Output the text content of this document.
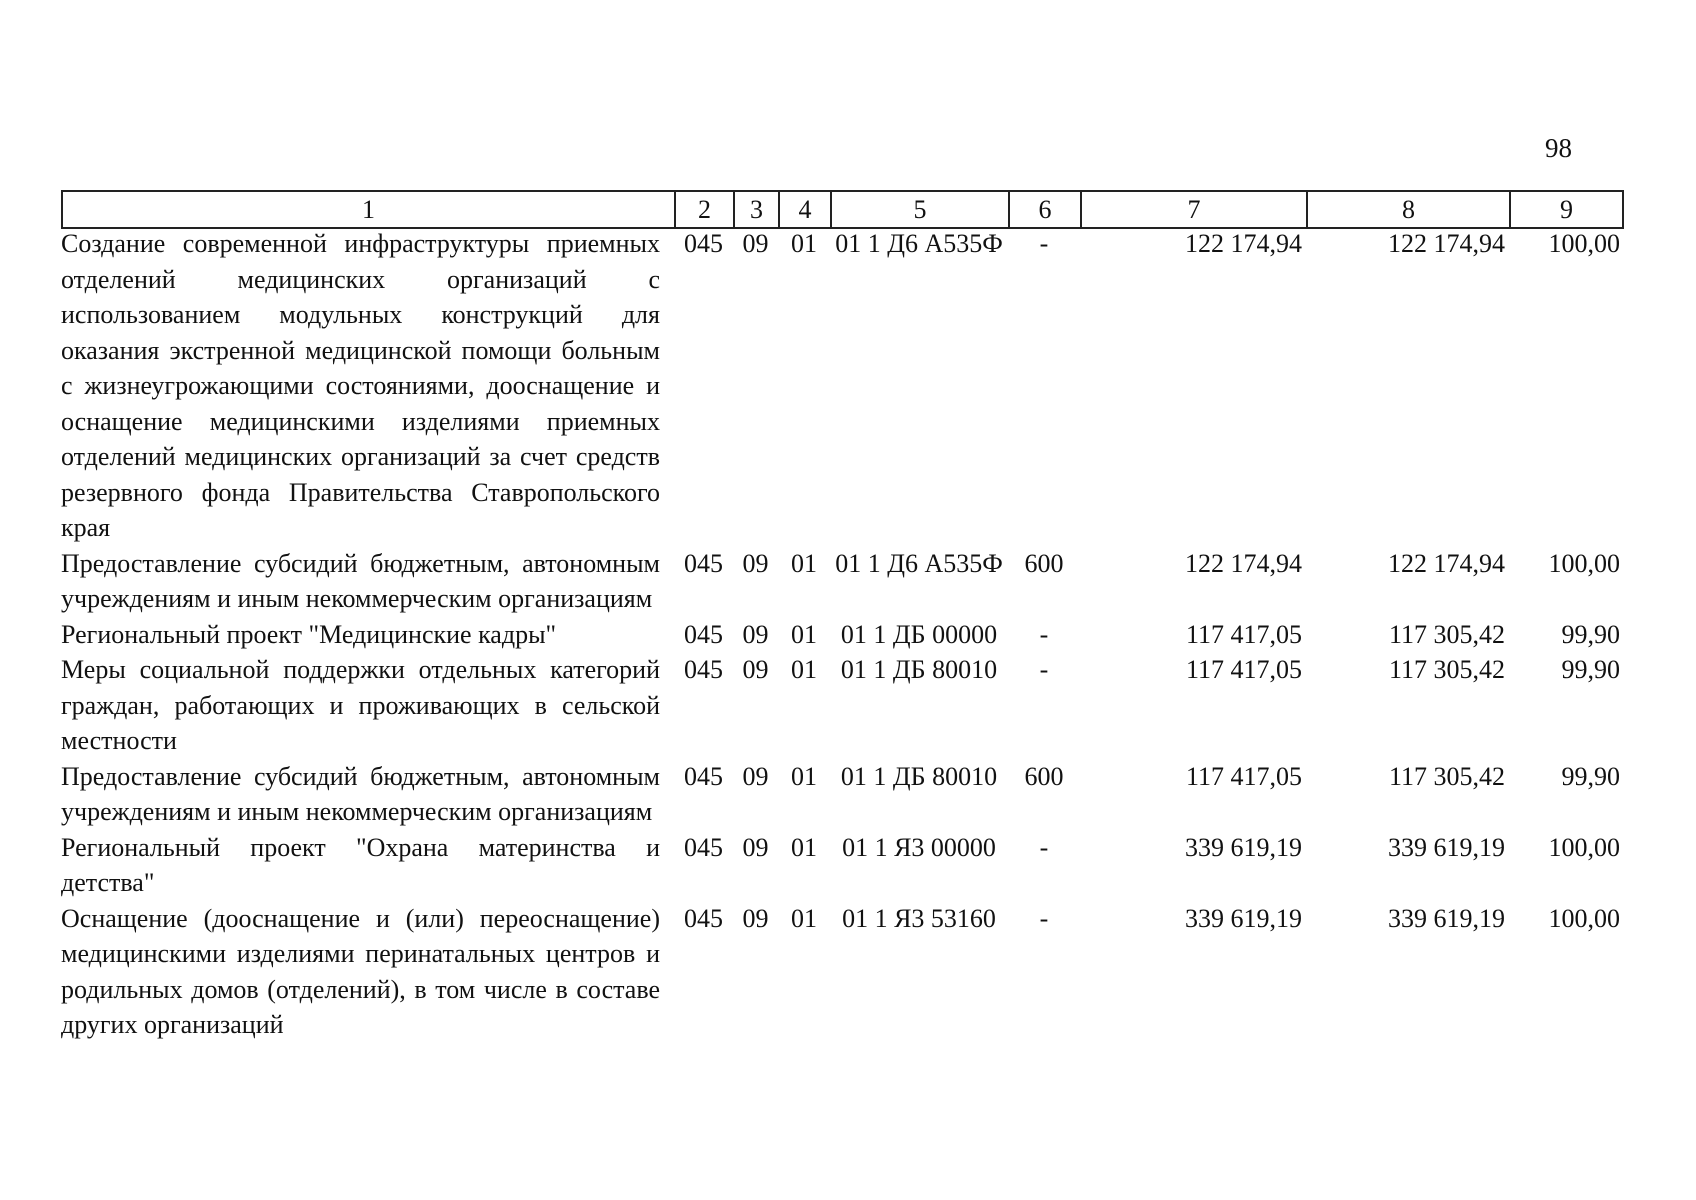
98
1	2	3	4	5	6	7	8	9
Создание современной инфраструктуры приемных отделений медицинских организаций с использованием модульных конструкций для оказания экстренной медицинской помощи больным с жизнеугрожающими состояниями, дооснащение и оснащение медицинскими изделиями приемных отделений медицинских организаций за счет средств резервного фонда Правительства Ставропольского края	045	09	01	01 1 Д6 А535Ф	-	122 174,94	122 174,94	100,00
Предоставление субсидий бюджетным, автономным учреждениям и иным некоммерческим организациям	045	09	01	01 1 Д6 А535Ф	600	122 174,94	122 174,94	100,00
Региональный проект "Медицинские кадры"	045	09	01	01 1 ДБ 00000	-	117 417,05	117 305,42	99,90
Меры социальной поддержки отдельных категорий граждан, работающих и проживающих в сельской местности	045	09	01	01 1 ДБ 80010	-	117 417,05	117 305,42	99,90
Предоставление субсидий бюджетным, автономным учреждениям и иным некоммерческим организациям	045	09	01	01 1 ДБ 80010	600	117 417,05	117 305,42	99,90
Региональный проект "Охрана материнства и детства"	045	09	01	01 1 Я3 00000	-	339 619,19	339 619,19	100,00
Оснащение (дооснащение и (или) переоснащение) медицинскими изделиями перинатальных центров и родильных домов (отделений), в том числе в составе других организаций	045	09	01	01 1 Я3 53160	-	339 619,19	339 619,19	100,00
